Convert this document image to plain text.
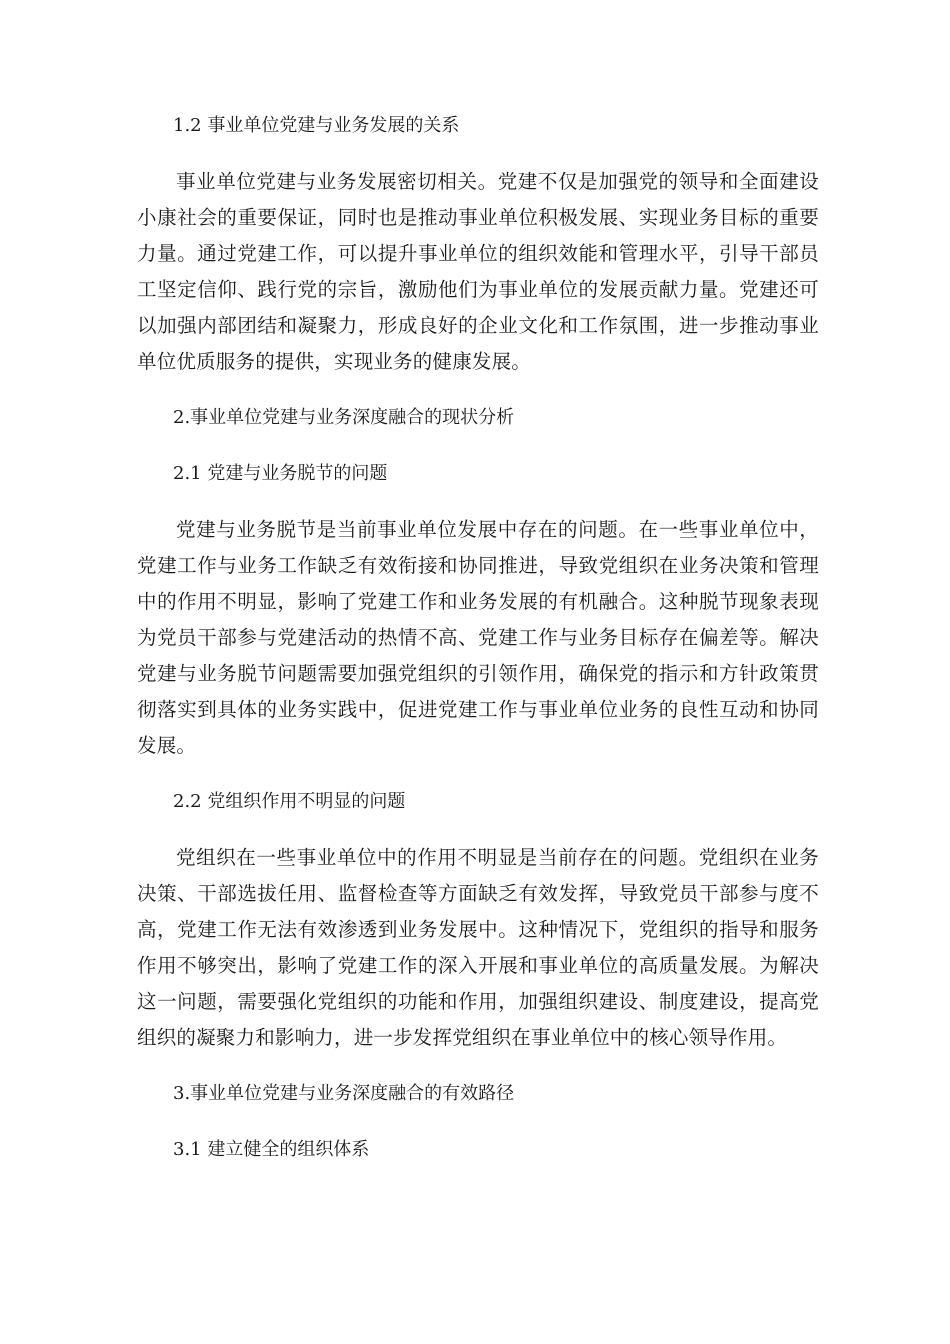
1.2 事业单位党建与业务发展的关系

事业单位党建与业务发展密切相关。党建不仅是加强党的领导和全面建设小康社会的重要保证，同时也是推动事业单位积极发展、实现业务目标的重要力量。通过党建工作，可以提升事业单位的组织效能和管理水平，引导干部员工坚定信仰、践行党的宗旨，激励他们为事业单位的发展贡献力量。党建还可以加强内部团结和凝聚力，形成良好的企业文化和工作氛围，进一步推动事业单位优质服务的提供，实现业务的健康发展。

2.事业单位党建与业务深度融合的现状分析
2.1 党建与业务脱节的问题

党建与业务脱节是当前事业单位发展中存在的问题。在一些事业单位中，党建工作与业务工作缺乏有效衔接和协同推进，导致党组织在业务决策和管理中的作用不明显，影响了党建工作和业务发展的有机融合。这种脱节现象表现为党员干部参与党建活动的热情不高、党建工作与业务目标存在偏差等。解决党建与业务脱节问题需要加强党组织的引领作用，确保党的指示和方针政策贯彻落实到具体的业务实践中，促进党建工作与事业单位业务的良性互动和协同发展。

2.2 党组织作用不明显的问题

党组织在一些事业单位中的作用不明显是当前存在的问题。党组织在业务决策、干部选拔任用、监督检查等方面缺乏有效发挥，导致党员干部参与度不高，党建工作无法有效渗透到业务发展中。这种情况下，党组织的指导和服务作用不够突出，影响了党建工作的深入开展和事业单位的高质量发展。为解决这一问题，需要强化党组织的功能和作用，加强组织建设、制度建设，提高党组织的凝聚力和影响力，进一步发挥党组织在事业单位中的核心领导作用。

3.事业单位党建与业务深度融合的有效路径
3.1 建立健全的组织体系
